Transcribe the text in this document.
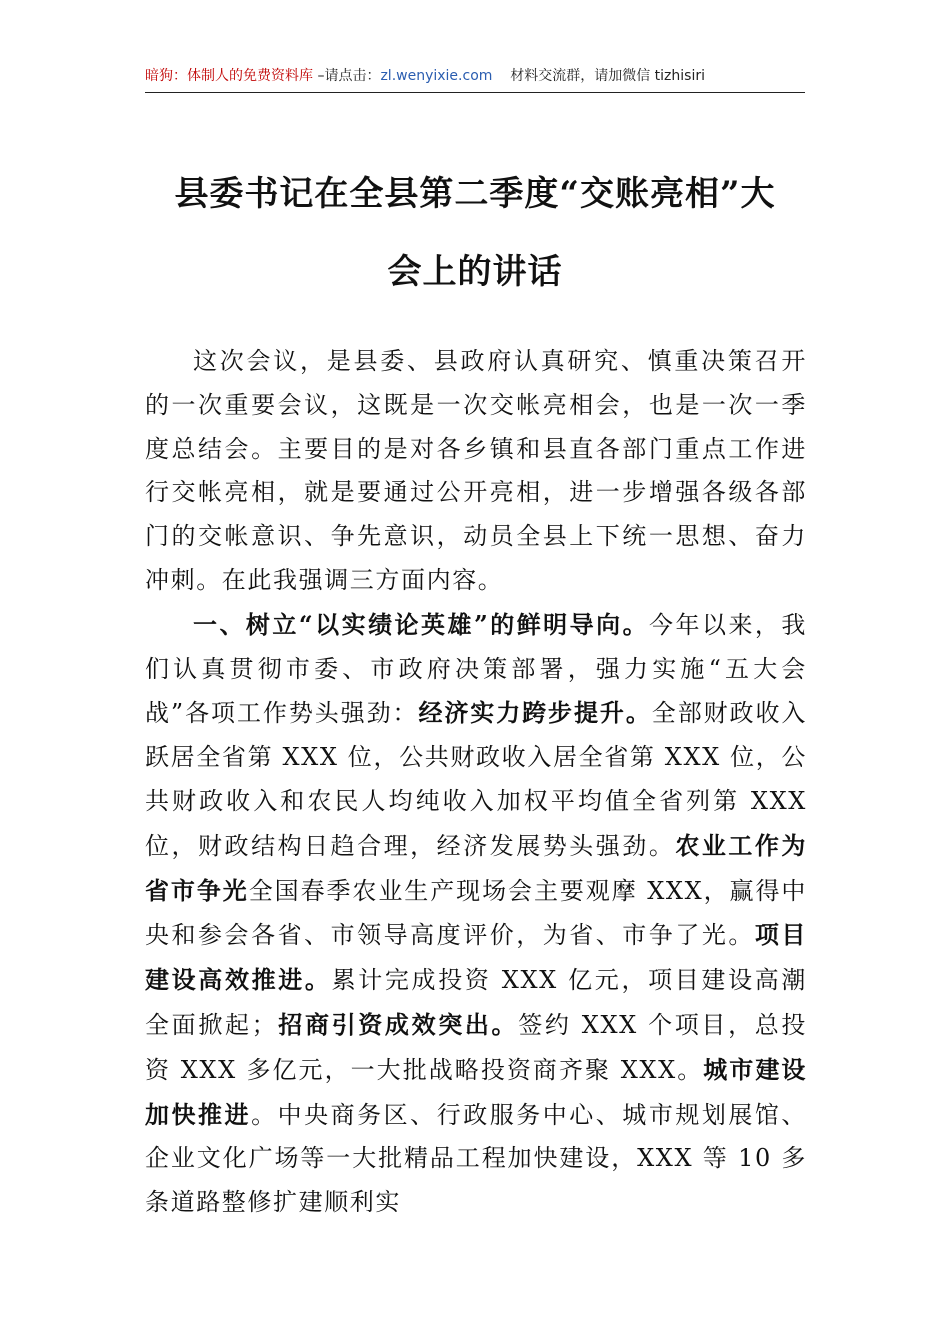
暗狗：体制人的免费资料库 –请点击：zl.wenyixie.com 材料交流群，请加微信 tizhisiri
县委书记在全县第二季度“交账亮相”大
会上的讲话

这次会议，是县委、县政府认真研究、慎重决策召开的一次重要会议，这既是一次交帐亮相会，也是一次一季度总结会。主要目的是对各乡镇和县直各部门重点工作进行交帐亮相，就是要通过公开亮相，进一步增强各级各部门的交帐意识、争先意识，动员全县上下统一思想、奋力冲刺。在此我强调三方面内容。

一、树立“以实绩论英雄”的鲜明导向。今年以来，我们认真贯彻市委、市政府决策部署，强力实施“五大会战”各项工作势头强劲：经济实力跨步提升。全部财政收入跃居全省第 XXX 位，公共财政收入居全省第 XXX 位，公共财政收入和农民人均纯收入加权平均值全省列第 XXX 位，财政结构日趋合理，经济发展势头强劲。农业工作为省市争光全国春季农业生产现场会主要观摩 XXX，赢得中央和参会各省、市领导高度评价，为省、市争了光。项目建设高效推进。累计完成投资 XXX 亿元，项目建设高潮全面掀起；招商引资成效突出。签约 XXX 个项目，总投资 XXX 多亿元，一大批战略投资商齐聚 XXX。城市建设加快推进。中央商务区、行政服务中心、城市规划展馆、企业文化广场等一大批精品工程加快建设，XXX 等 10 多条道路整修扩建顺利实
